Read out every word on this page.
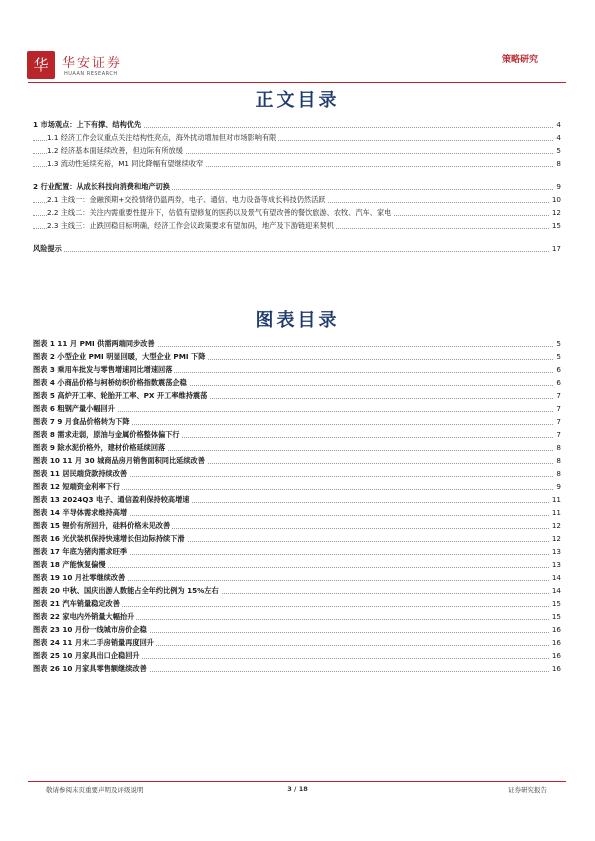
华	华安证券
HUAAN RESEARCH
策略研究
正文目录
1 市场观点：上下有撑、结构优先	4
1.1 经济工作会议重点关注结构性亮点，海外扰动增加但对市场影响有限	4
1.2 经济基本面延续改善，但边际有所放缓	5
1.3 流动性延续充裕，M1 同比降幅有望继续收窄	8
2 行业配置：从成长科技向消费和地产切换	9
2.1 主线一：金融预期+交投情绪仍温两券，电子、通信、电力设备等成长科技仍然活跃	10
2.2 主线二：关注内需重要性提升下，估值有望修复的医药以及景气有望改善的餐饮旅游、农牧、汽车、家电	12
2.3 主线三：止跌回稳目标明确，经济工作会议政策要求有望加码，地产及下游链迎来契机	15
风险提示	17
图表目录
图表 1 11 月 PMI 供需两端同步改善	5
图表 2 小型企业 PMI 明显回暖，大型企业 PMI 下降	5
图表 3 乘用车批发与零售增速同比增速回落	6
图表 4 小商品价格与柯桥纺织价格指数震荡企稳	6
图表 5 高炉开工率、轮胎开工率、PX 开工率维持震荡	7
图表 6 粗钢产量小幅回升	7
图表 7 9 月食品价格转为下降	7
图表 8 需求走弱，原油与金属价格整体偏下行	7
图表 9 除水泥价格外，建材价格延续回落	8
图表 10 11 月 30 城商品房月销售面积同比延续改善	8
图表 11 居民端贷款持续改善	8
图表 12 短端资金利率下行	9
图表 13 2024Q3 电子、通信盈利保持较高增速	11
图表 14 半导体需求维持高增	11
图表 15 锂价有所回升，硅料价格未见改善	12
图表 16 光伏装机保持快速增长但边际持续下滑	12
图表 17 年底为猪肉需求旺季	13
图表 18 产能恢复偏慢	13
图表 19 10 月社零继续改善	14
图表 20 中秋、国庆出游人数能占全年约比例为 15%左右	14
图表 21 汽车销量稳定改善	15
图表 22 家电内外销量大幅抬升	15
图表 23 10 月份一线城市房价企稳	16
图表 24 11 月末二手房销量再度回升	16
图表 25 10 月家具出口企稳回升	16
图表 26 10 月家具零售额继续改善	16
敬请参阅末页重要声明及评级说明	3 / 18	证券研究报告
